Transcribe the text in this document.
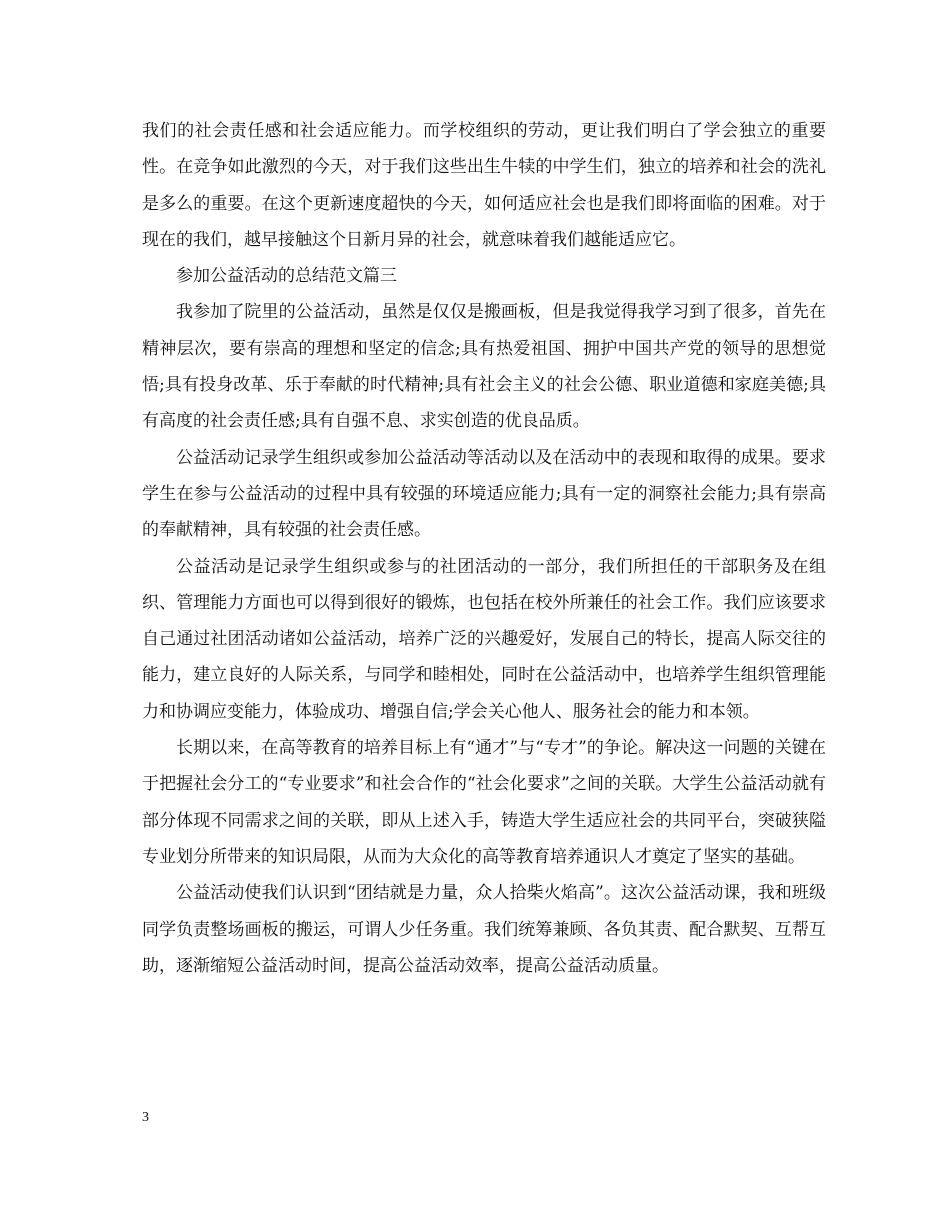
我们的社会责任感和社会适应能力。而学校组织的劳动，更让我们明白了学会独立的重要性。在竞争如此激烈的今天，对于我们这些出生牛犊的中学生们，独立的培养和社会的洗礼是多么的重要。在这个更新速度超快的今天，如何适应社会也是我们即将面临的困难。对于现在的我们，越早接触这个日新月异的社会，就意味着我们越能适应它。

参加公益活动的总结范文篇三

我参加了院里的公益活动，虽然是仅仅是搬画板，但是我觉得我学习到了很多，首先在精神层次，要有崇高的理想和坚定的信念;具有热爱祖国、拥护中国共产党的领导的思想觉悟;具有投身改革、乐于奉献的时代精神;具有社会主义的社会公德、职业道德和家庭美德;具有高度的社会责任感;具有自强不息、求实创造的优良品质。

公益活动记录学生组织或参加公益活动等活动以及在活动中的表现和取得的成果。要求学生在参与公益活动的过程中具有较强的环境适应能力;具有一定的洞察社会能力;具有崇高的奉献精神，具有较强的社会责任感。

公益活动是记录学生组织或参与的社团活动的一部分，我们所担任的干部职务及在组织、管理能力方面也可以得到很好的锻炼，也包括在校外所兼任的社会工作。我们应该要求自己通过社团活动诸如公益活动，培养广泛的兴趣爱好，发展自己的特长，提高人际交往的能力，建立良好的人际关系，与同学和睦相处，同时在公益活动中，也培养学生组织管理能力和协调应变能力，体验成功、增强自信;学会关心他人、服务社会的能力和本领。

长期以来，在高等教育的培养目标上有“通才”与“专才”的争论。解决这一问题的关键在于把握社会分工的“专业要求”和社会合作的“社会化要求”之间的关联。大学生公益活动就有部分体现不同需求之间的关联，即从上述入手，铸造大学生适应社会的共同平台，突破狭隘专业划分所带来的知识局限，从而为大众化的高等教育培养通识人才奠定了坚实的基础。

公益活动使我们认识到“团结就是力量，众人拾柴火焰高”。这次公益活动课，我和班级同学负责整场画板的搬运，可谓人少任务重。我们统筹兼顾、各负其责、配合默契、互帮互助，逐渐缩短公益活动时间，提高公益活动效率，提高公益活动质量。

3
